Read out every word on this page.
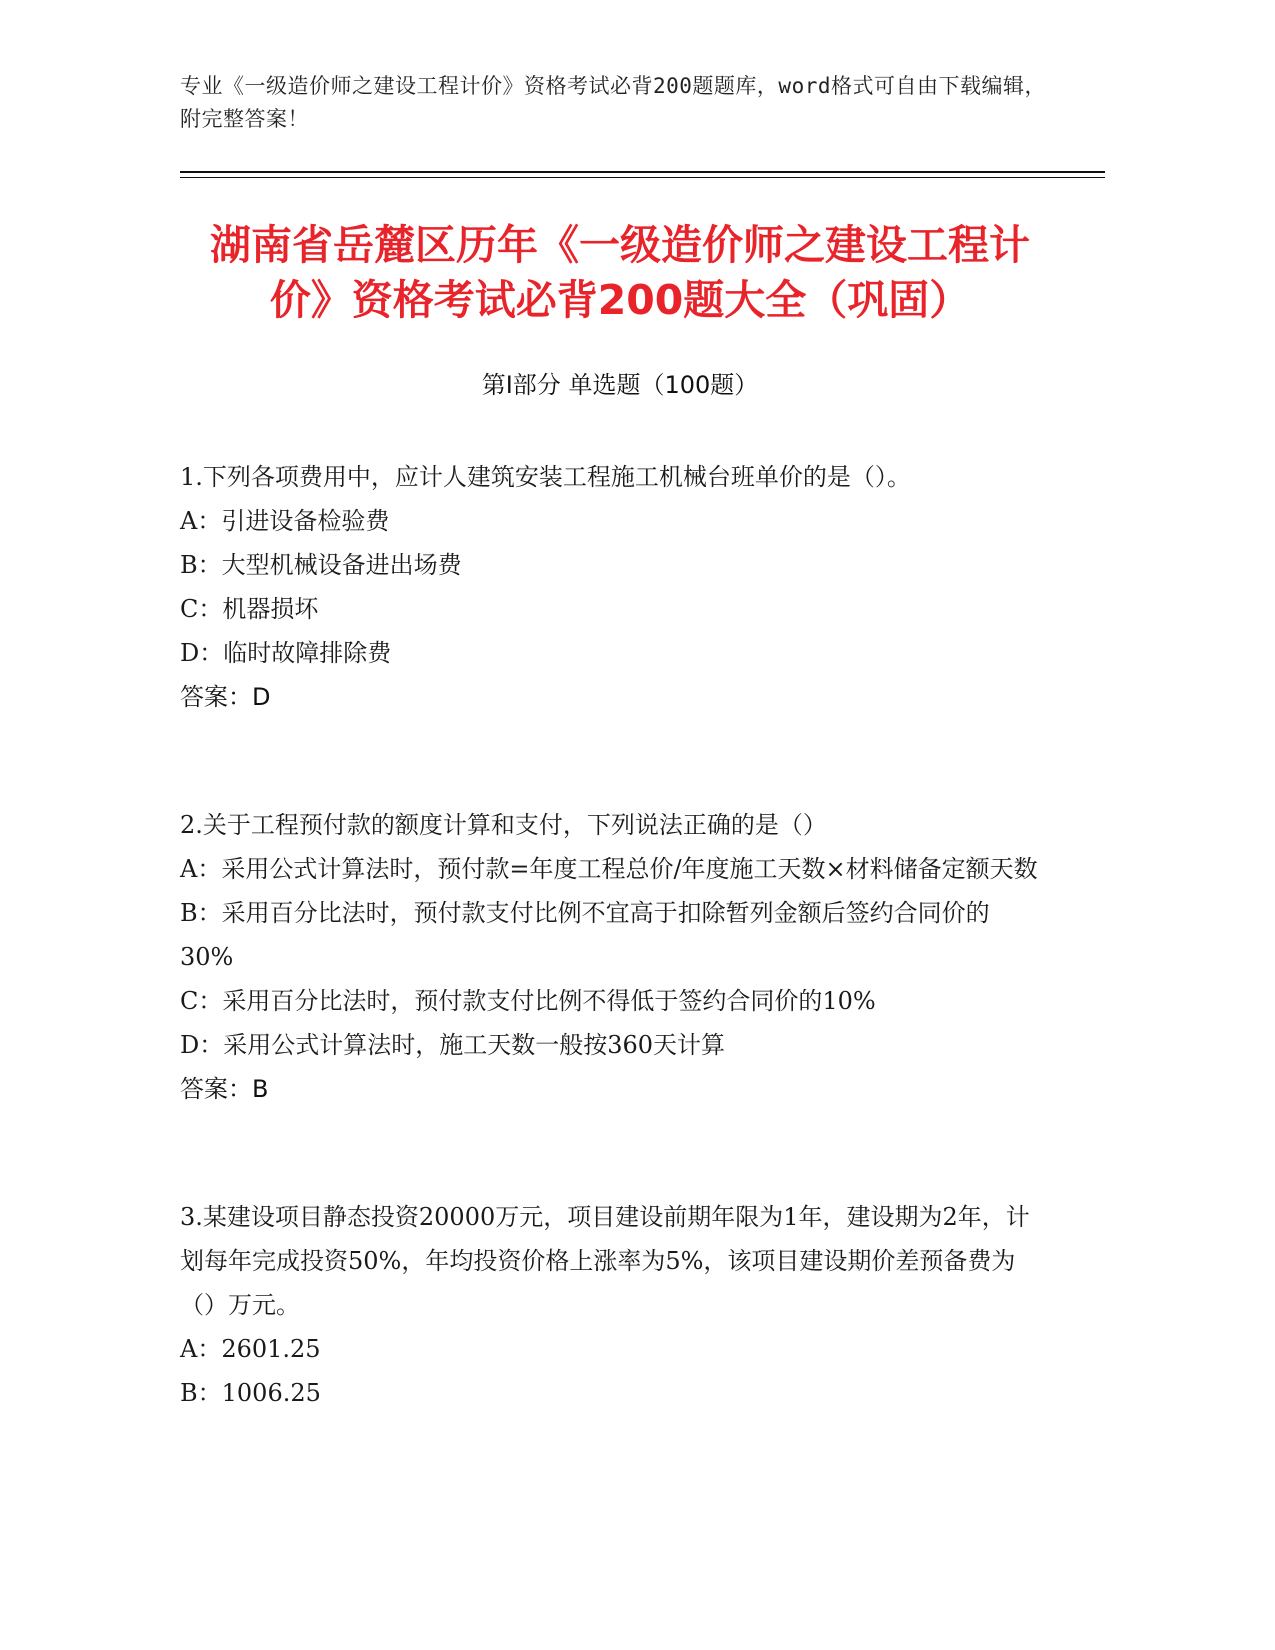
专业《一级造价师之建设工程计价》资格考试必背200题题库，word格式可自由下载编辑，附完整答案！
湖南省岳麓区历年《一级造价师之建设工程计价》资格考试必背200题大全（巩固）
第I部分 单选题（100题）
1.下列各项费用中，应计人建筑安装工程施工机械台班单价的是（）。
A：引进设备检验费
B：大型机械设备进出场费
C：机器损坏
D：临时故障排除费
答案：D
2.关于工程预付款的额度计算和支付，下列说法正确的是（）
A：采用公式计算法时，预付款=年度工程总价/年度施工天数×材料储备定额天数
B：采用百分比法时，预付款支付比例不宜高于扣除暂列金额后签约合同价的30%
C：采用百分比法时，预付款支付比例不得低于签约合同价的10%
D：采用公式计算法时，施工天数一般按360天计算
答案：B
3.某建设项目静态投资20000万元，项目建设前期年限为1年，建设期为2年，计划每年完成投资50%，年均投资价格上涨率为5%，该项目建设期价差预备费为（）万元。
A：2601.25
B：1006.25
